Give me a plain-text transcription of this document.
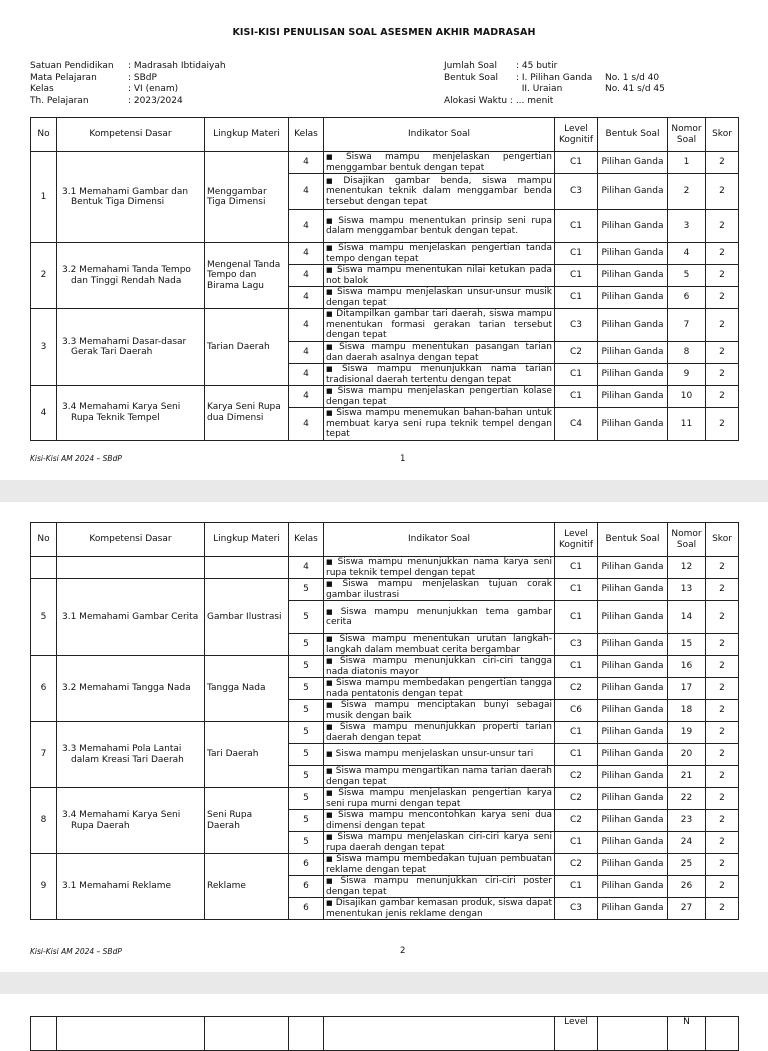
KISI-KISI PENULISAN SOAL ASESMEN AKHIR MADRASAH
Satuan Pendidikan	: Madrasah Ibtidaiyah
Mata Pelajaran	: SBdP
Kelas	: VI (enam)
Th. Pelajaran	: 2023/2024
Jumlah Soal	: 45 butir
Bentuk Soal	: I. Pilihan Ganda	No. 1 s/d 40
II. Uraian	No. 41 s/d 45
Alokasi Waktu : ... menit
No	Kompetensi Dasar	Lingkup Materi	Kelas	Indikator Soal	Level Kognitif	Bentuk Soal	Nomor Soal	Skor
1	3.1 Memahami Gambar dan Bentuk Tiga Dimensi	Menggambar Tiga Dimensi	4	■ Siswa mampu menjelaskan pengertian menggambar bentuk dengan tepat	C1	Pilihan Ganda	1	2
			4	■ Disajikan gambar benda, siswa mampu menentukan teknik dalam menggambar benda tersebut dengan tepat	C3	Pilihan Ganda	2	2
			4	■ Siswa mampu menentukan prinsip seni rupa dalam menggambar bentuk dengan tepat.	C1	Pilihan Ganda	3	2
2	3.2 Memahami Tanda Tempo dan Tinggi Rendah Nada	Mengenal Tanda Tempo dan Birama Lagu	4	■ Siswa mampu menjelaskan pengertian tanda tempo dengan tepat	C1	Pilihan Ganda	4	2
			4	■ Siswa mampu menentukan nilai ketukan pada not balok	C1	Pilihan Ganda	5	2
			4	■ Siswa mampu menjelaskan unsur-unsur musik dengan tepat	C1	Pilihan Ganda	6	2
3	3.3 Memahami Dasar-dasar Gerak Tari Daerah	Tarian Daerah	4	■ Ditampilkan gambar tari daerah, siswa mampu menentukan formasi gerakan tarian tersebut dengan tepat	C3	Pilihan Ganda	7	2
			4	■ Siswa mampu menentukan pasangan tarian dan daerah asalnya dengan tepat	C2	Pilihan Ganda	8	2
			4	■ Siswa mampu menunjukkan nama tarian tradisional daerah tertentu dengan tepat	C1	Pilihan Ganda	9	2
4	3.4 Memahami Karya Seni Rupa Teknik Tempel	Karya Seni Rupa dua Dimensi	4	■ Siswa mampu menjelaskan pengertian kolase dengan tepat	C1	Pilihan Ganda	10	2
			4	■ Siswa mampu menemukan bahan-bahan untuk membuat karya seni rupa teknik tempel dengan tepat	C4	Pilihan Ganda	11	2
Kisi-Kisi AM 2024 – SBdP	1
No	Kompetensi Dasar	Lingkup Materi	Kelas	Indikator Soal	Level Kognitif	Bentuk Soal	Nomor Soal	Skor
			4	■ Siswa mampu menunjukkan nama karya seni rupa teknik tempel dengan tepat	C1	Pilihan Ganda	12	2
5	3.1 Memahami Gambar Cerita	Gambar Ilustrasi	5	■ Siswa mampu menjelaskan tujuan corak gambar ilustrasi	C1	Pilihan Ganda	13	2
			5	■ Siswa mampu menunjukkan tema gambar cerita	C1	Pilihan Ganda	14	2
			5	■ Siswa mampu menentukan urutan langkah-langkah dalam membuat cerita bergambar	C3	Pilihan Ganda	15	2
6	3.2 Memahami Tangga Nada	Tangga Nada	5	■ Siswa mampu menunjukkan ciri-ciri tangga nada diatonis mayor	C1	Pilihan Ganda	16	2
			5	■ Siswa mampu membedakan pengertian tangga nada pentatonis dengan tepat	C2	Pilihan Ganda	17	2
			5	■ Siswa mampu menciptakan bunyi sebagai musik dengan baik	C6	Pilihan Ganda	18	2
7	3.3 Memahami Pola Lantai dalam Kreasi Tari Daerah	Tari Daerah	5	■ Siswa mampu menunjukkan properti tarian daerah dengan tepat	C1	Pilihan Ganda	19	2
			5	■ Siswa mampu menjelaskan unsur-unsur tari	C1	Pilihan Ganda	20	2
			5	■ Siswa mampu mengartikan nama tarian daerah dengan tepat	C2	Pilihan Ganda	21	2
8	3.4 Memahami Karya Seni Rupa Daerah	Seni Rupa Daerah	5	■ Siswa mampu menjelaskan pengertian karya seni rupa murni dengan tepat	C2	Pilihan Ganda	22	2
			5	■ Siswa mampu mencontohkan karya seni dua dimensi dengan tepat	C2	Pilihan Ganda	23	2
			5	■ Siswa mampu menjelaskan ciri-ciri karya seni rupa daerah dengan tepat	C1	Pilihan Ganda	24	2
9	3.1 Memahami Reklame	Reklame	6	■ Siswa mampu membedakan tujuan pembuatan reklame dengan tepat	C2	Pilihan Ganda	25	2
			6	■ Siswa mampu menunjukkan ciri-ciri poster dengan tepat	C1	Pilihan Ganda	26	2
			6	■ Disajikan gambar kemasan produk, siswa dapat menentukan jenis reklame dengan	C3	Pilihan Ganda	27	2
Kisi-Kisi AM 2024 – SBdP	2
					Level		N	
